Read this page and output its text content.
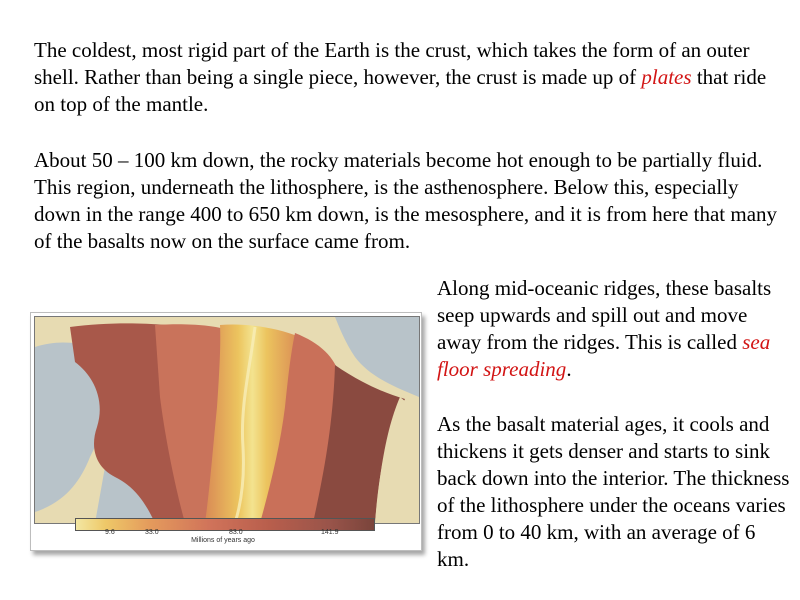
The coldest, most rigid part of the Earth is the crust, which takes the form of an outer shell. Rather than being a single piece, however, the crust is made up of plates that ride on top of the mantle.

About 50 – 100 km down, the rocky materials become hot enough to be partially fluid. This region, underneath the lithosphere, is the asthenosphere. Below this, especially down in the range 400 to 650 km down, is the mesosphere, and it is from here that many of the basalts now on the surface came from.

Along mid-oceanic ridges, these basalts seep upwards and spill out and move away from the ridges. This is called sea floor spreading.

As the basalt material ages, it cools and thickens it gets denser and starts to sink back down into the interior. The thickness of the lithosphere under the oceans varies from 0 to 40 km, with an average of 6 km.

9.6	33.0	83.0	141.9
Millions of years ago
